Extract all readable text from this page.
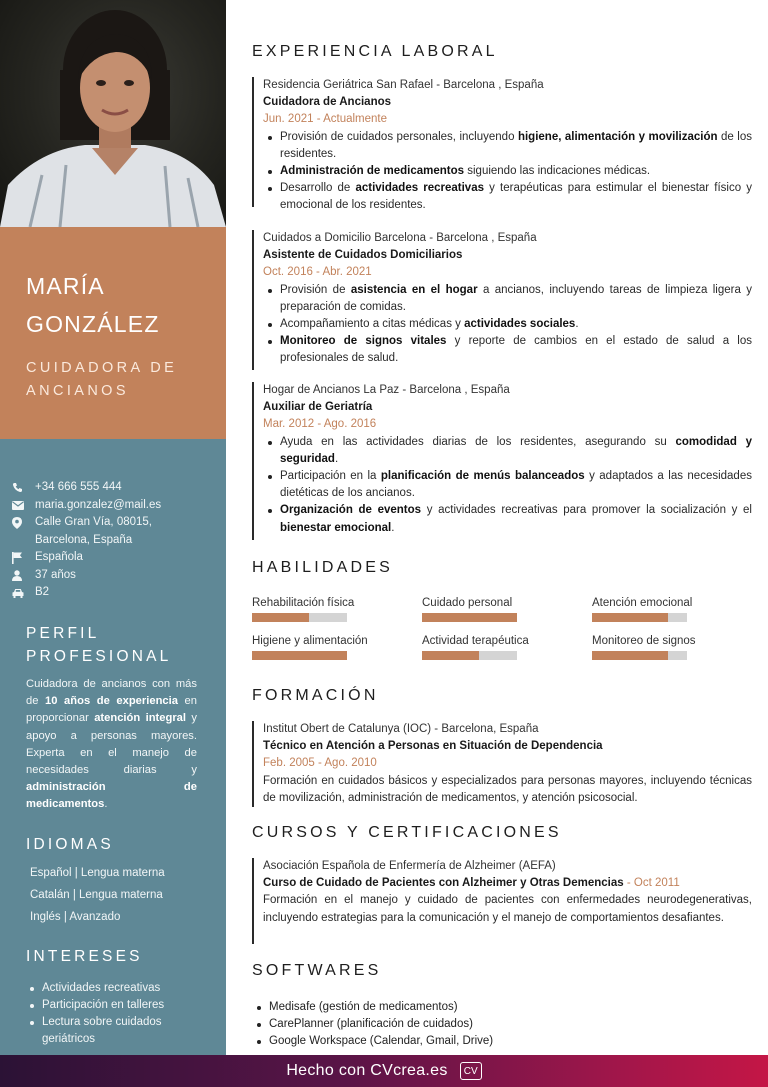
MARÍA
GONZÁLEZ
CUIDADORA DE
ANCIANOS
+34 666 555 444
maria.gonzalez@mail.es
Calle Gran Vía, 08015,
Barcelona, España
Española
37 años
B2
PERFIL
PROFESIONAL
Cuidadora de ancianos con más de 10 años de experiencia en proporcionar atención integral y apoyo a personas mayores. Experta en el manejo de necesidades diarias y administración de medicamentos.
IDIOMAS
Español | Lengua materna
Catalán | Lengua materna
Inglés | Avanzado
INTERESES
Actividades recreativas
Participación en talleres
Lectura sobre cuidados
geriátricos
EXPERIENCIA LABORAL
Residencia Geriátrica San Rafael - Barcelona , España
Cuidadora de Ancianos
Jun. 2021 - Actualmente
Provisión de cuidados personales, incluyendo higiene, alimentación y movilización de los residentes.
Administración de medicamentos siguiendo las indicaciones médicas.
Desarrollo de actividades recreativas y terapéuticas para estimular el bienestar físico y emocional de los residentes.
Cuidados a Domicilio Barcelona - Barcelona , España
Asistente de Cuidados Domiciliarios
Oct. 2016 - Abr. 2021
Provisión de asistencia en el hogar a ancianos, incluyendo tareas de limpieza ligera y preparación de comidas.
Acompañamiento a citas médicas y actividades sociales.
Monitoreo de signos vitales y reporte de cambios en el estado de salud a los profesionales de salud.
Hogar de Ancianos La Paz - Barcelona , España
Auxiliar de Geriatría
Mar. 2012 - Ago. 2016
Ayuda en las actividades diarias de los residentes, asegurando su comodidad y seguridad.
Participación en la planificación de menús balanceados y adaptados a las necesidades dietéticas de los ancianos.
Organización de eventos y actividades recreativas para promover la socialización y el bienestar emocional.
HABILIDADES
Rehabilitación física	Cuidado personal	Atención emocional
Higiene y alimentación	Actividad terapéutica	Monitoreo de signos
FORMACIÓN
Institut Obert de Catalunya (IOC) - Barcelona, España
Técnico en Atención a Personas en Situación de Dependencia
Feb. 2005 - Ago. 2010
Formación en cuidados básicos y especializados para personas mayores, incluyendo técnicas de movilización, administración de medicamentos, y atención psicosocial.
CURSOS Y CERTIFICACIONES
Asociación Española de Enfermería de Alzheimer (AEFA)
Curso de Cuidado de Pacientes con Alzheimer y Otras Demencias - Oct 2011
Formación en el manejo y cuidado de pacientes con enfermedades neurodegenerativas, incluyendo estrategias para la comunicación y el manejo de comportamientos desafiantes.
SOFTWARES
Medisafe (gestión de medicamentos)
CarePlanner (planificación de cuidados)
Google Workspace (Calendar, Gmail, Drive)
Hecho con CVcrea.es	CV
